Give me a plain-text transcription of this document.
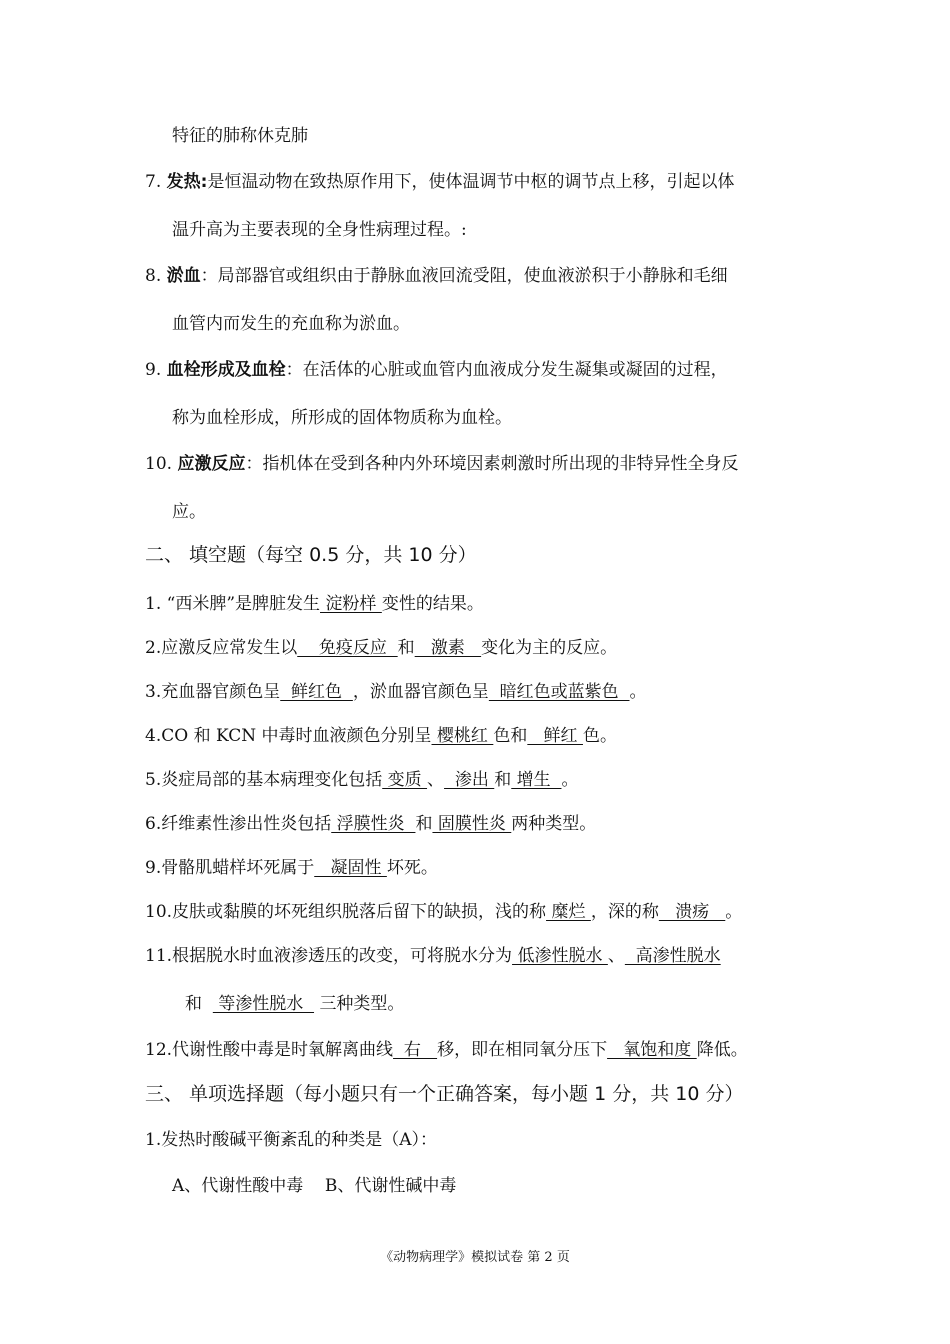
特征的肺称休克肺
7. 发热:是恒温动物在致热原作用下，使体温调节中枢的调节点上移，引起以体
温升高为主要表现的全身性病理过程。:
8. 淤血：局部器官或组织由于静脉血液回流受阻，使血液淤积于小静脉和毛细
血管内而发生的充血称为淤血。
9. 血栓形成及血栓：在活体的心脏或血管内血液成分发生凝集或凝固的过程，
称为血栓形成，所形成的固体物质称为血栓。
10. 应激反应：指机体在受到各种内外环境因素刺激时所出现的非特异性全身反
应。
二、 填空题（每空 0.5 分，共 10 分）
1. “西米脾”是脾脏发生 淀粉样 变性的结果。
2.应激反应常发生以    免疫反应  和   激素   变化为主的反应。
3.充血器官颜色呈  鲜红色  ，淤血器官颜色呈  暗红色或蓝紫色  。
4.CO 和 KCN 中毒时血液颜色分别呈 樱桃红 色和   鲜红 色。
5.炎症局部的基本病理变化包括 变质 、  渗出 和 增生  。
6.纤维素性渗出性炎包括 浮膜性炎  和 固膜性炎 两种类型。
9.骨骼肌蜡样坏死属于   凝固性 坏死。
10.皮肤或黏膜的坏死组织脱落后留下的缺损，浅的称 糜烂 ，深的称   溃疡   。
11.根据脱水时血液渗透压的改变，可将脱水分为 低渗性脱水 、  高渗性脱水
和   等渗性脱水   三种类型。
12.代谢性酸中毒是时氧解离曲线  右   移，即在相同氧分压下   氧饱和度 降低。
三、 单项选择题（每小题只有一个正确答案，每小题 1 分，共 10 分）
1.发热时酸碱平衡紊乱的种类是（A）：
A、代谢性酸中毒    B、代谢性碱中毒
《动物病理学》模拟试卷 第 2 页
